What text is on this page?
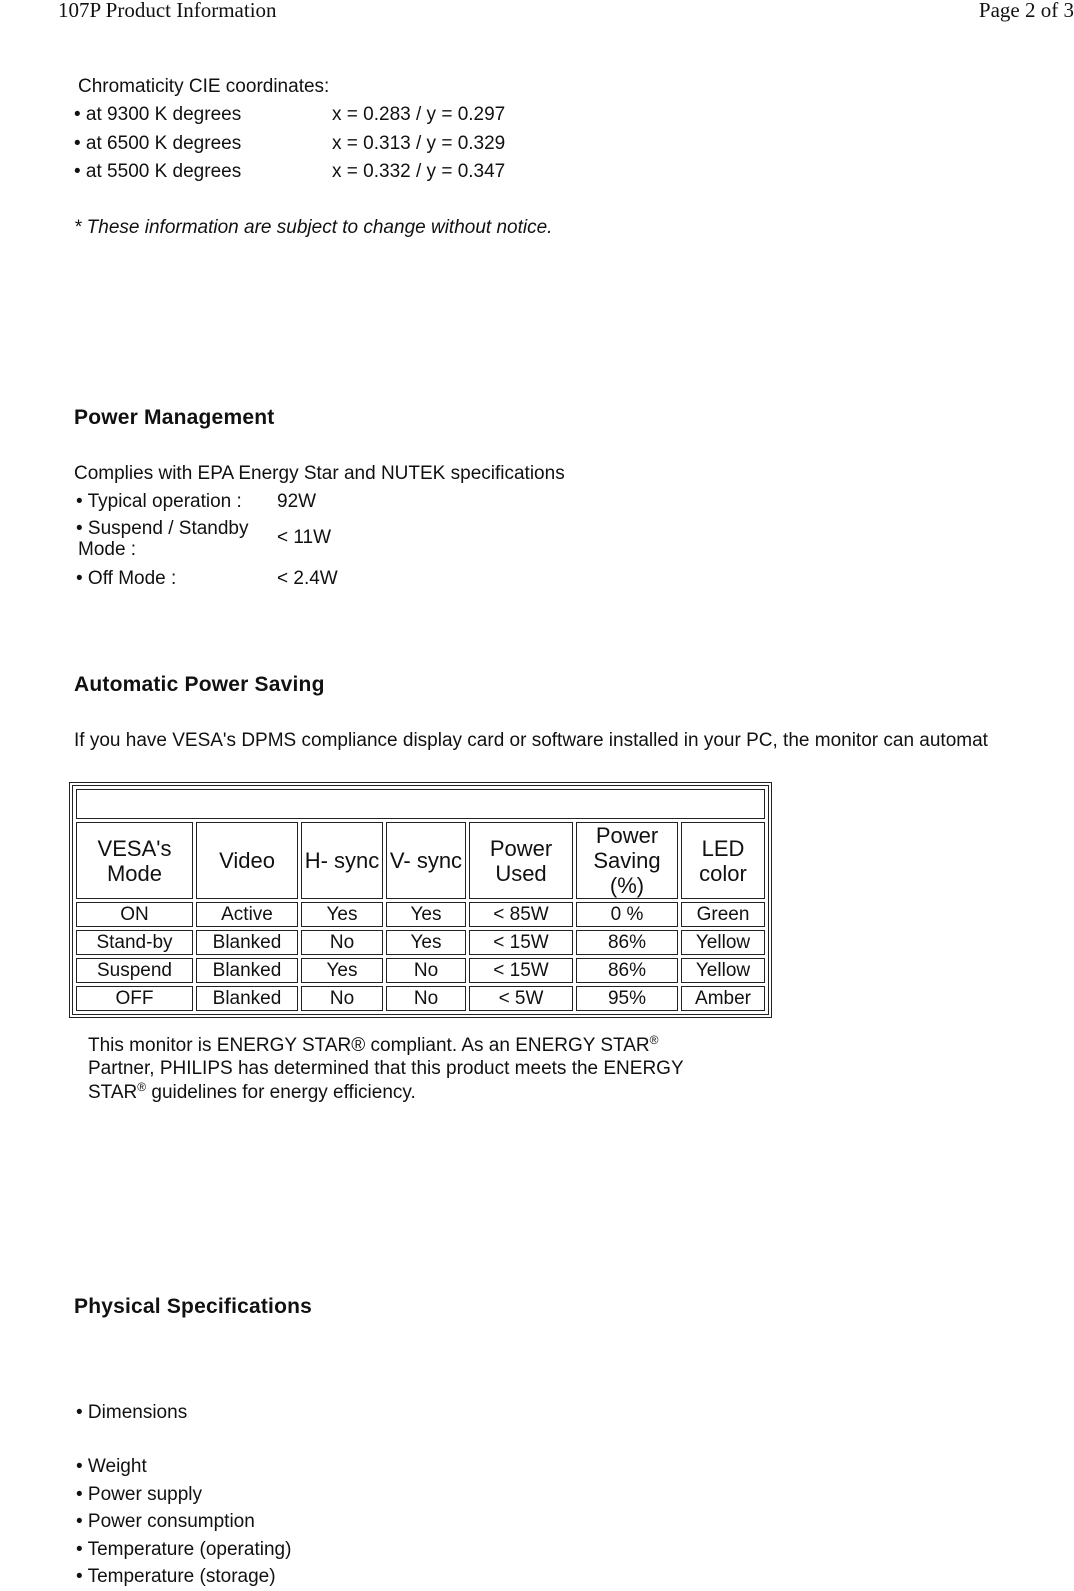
107P Product Information	Page 2 of 3
Chromaticity CIE coordinates:
• at 9300 K degrees	x = 0.283 / y = 0.297
• at 6500 K degrees	x = 0.313 / y = 0.329
• at 5500 K degrees	x = 0.332 / y = 0.347
* These information are subject to change without notice.
Power Management
Complies with EPA Energy Star and NUTEK specifications
• Typical operation : 92W
• Suspend / Standby
Mode :
< 11W
• Off Mode :	< 2.4W
Automatic Power Saving
If you have VESA's DPMS compliance display card or software installed in your PC, the monitor can automat

VESA's Mode	Video	H- sync	V- sync	Power Used	Power Saving (%)	LED color
ON	Active	Yes	Yes	< 85W	0 %	Green
Stand-by	Blanked	No	Yes	< 15W	86%	Yellow
Suspend	Blanked	Yes	No	< 15W	86%	Yellow
OFF	Blanked	No	No	< 5W	95%	Amber
This monitor is ENERGY STAR® compliant. As an ENERGY STAR®
Partner, PHILIPS has determined that this product meets the ENERGY
STAR® guidelines for energy efficiency.
Physical Specifications
• Dimensions
• Weight
• Power supply
• Power consumption
• Temperature (operating)
• Temperature (storage)
